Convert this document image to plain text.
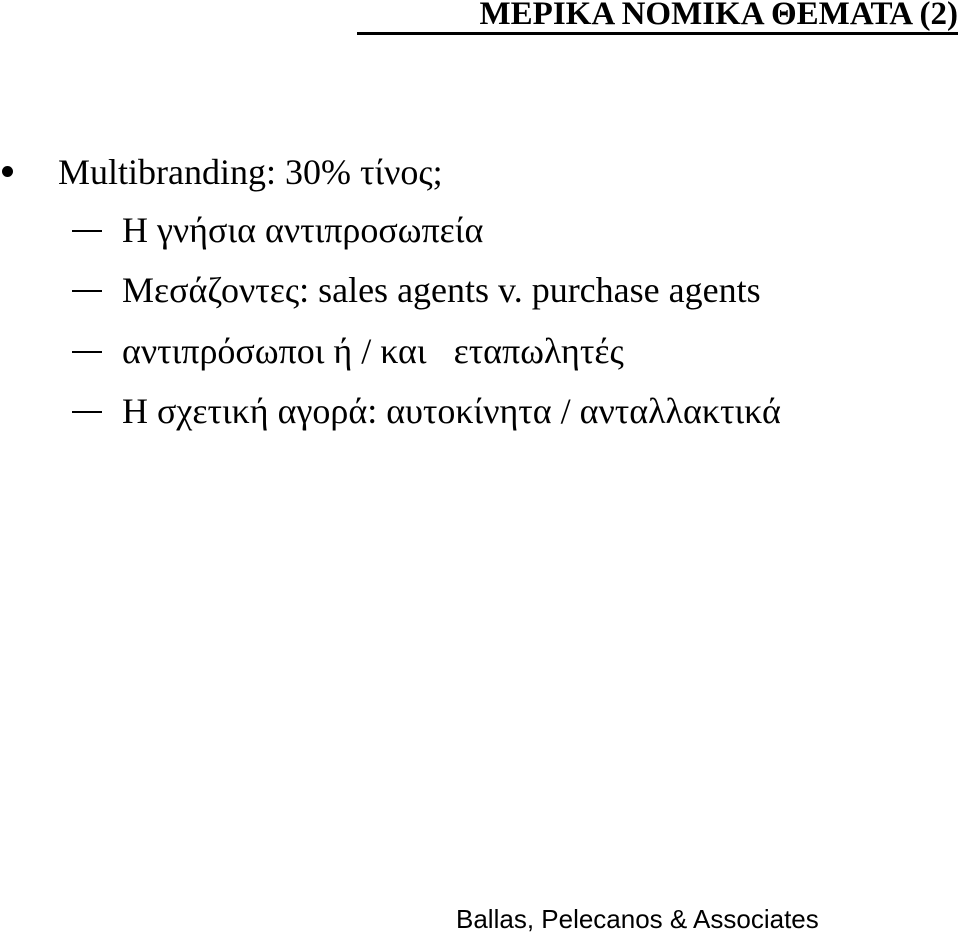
ΜΕΡΙΚΑ ΝΟΜΙΚΑ ΘΕΜΑΤΑ (2)
Multibranding: 30% τίνος;
Η γνήσια αντιπροσωπεία
Μεσάζοντες: sales agents v. purchase agents
αντιπρόσωποι ή / και   εταπωλητές
Η σχετική αγορά: αυτοκίνητα / ανταλλακτικά
Ballas, Pelecanos & Associates
